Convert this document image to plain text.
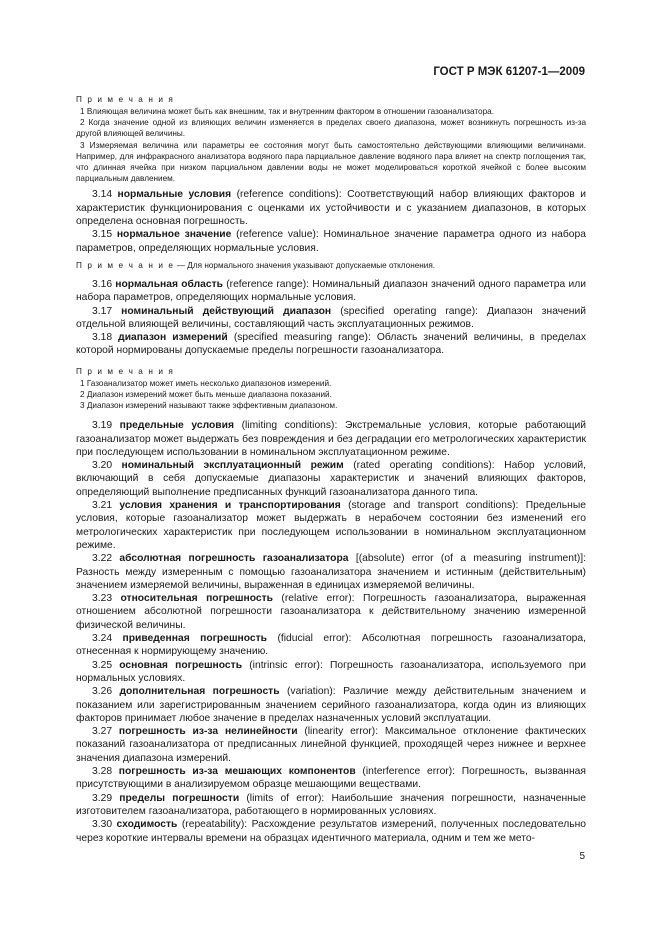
ГОСТ Р МЭК 61207-1—2009
П р и м е ч а н и я
1 Влияющая величина может быть как внешним, так и внутренним фактором в отношении газоанализатора.
2 Когда значение одной из влияющих величин изменяется в пределах своего диапазона, может возникнуть погрешность из-за другой влияющей величины.
3 Измеряемая величина или параметры ее состояния могут быть самостоятельно действующими влияющими величинами. Например, для инфракрасного анализатора водяного пара парциальное давление водяного пара влияет на спектр поглощения так, что длинная ячейка при низком парциальном давлении воды не может моделироваться короткой ячейкой с более высоким парциальным давлением.
3.14 нормальные условия (reference conditions): Соответствующий набор влияющих факторов и характеристик функционирования с оценками их устойчивости и с указанием диапазонов, в которых определена основная погрешность.
3.15 нормальное значение (reference value): Номинальное значение параметра одного из набора параметров, определяющих нормальные условия.
П р и м е ч а н и е — Для нормального значения указывают допускаемые отклонения.
3.16 нормальная область (reference range): Номинальный диапазон значений одного параметра или набора параметров, определяющих нормальные условия.
3.17 номинальный действующий диапазон (specified operating range): Диапазон значений отдельной влияющей величины, составляющий часть эксплуатационных режимов.
3.18 диапазон измерений (specified measuring range): Область значений величины, в пределах которой нормированы допускаемые пределы погрешности газоанализатора.
П р и м е ч а н и я
1 Газоанализатор может иметь несколько диапазонов измерений.
2 Диапазон измерений может быть меньше диапазона показаний.
3 Диапазон измерений называют также эффективным диапазоном.
3.19 предельные условия (limiting conditions): Экстремальные условия, которые работающий газоанализатор может выдержать без повреждения и без деградации его метрологических характеристик при последующем использовании в номинальном эксплуатационном режиме.
3.20 номинальный эксплуатационный режим (rated operating conditions): Набор условий, включающий в себя допускаемые диапазоны характеристик и значений влияющих факторов, определяющий выполнение предписанных функций газоанализатора данного типа.
3.21 условия хранения и транспортирования (storage and transport conditions): Предельные условия, которые газоанализатор может выдержать в нерабочем состоянии без изменений его метрологических характеристик при последующем использовании в номинальном эксплуатационном режиме.
3.22 абсолютная погрешность газоанализатора [(absolute) error (of a measuring instrument)]: Разность между измеренным с помощью газоанализатора значением и истинным (действительным) значением измеряемой величины, выраженная в единицах измеряемой величины.
3.23 относительная погрешность (relative error): Погрешность газоанализатора, выраженная отношением абсолютной погрешности газоанализатора к действительному значению измеренной физической величины.
3.24 приведенная погрешность (fiducial error): Абсолютная погрешность газоанализатора, отнесенная к нормирующему значению.
3.25 основная погрешность (intrinsic error): Погрешность газоанализатора, используемого при нормальных условиях.
3.26 дополнительная погрешность (variation): Различие между действительным значением и показанием или зарегистрированным значением серийного газоанализатора, когда один из влияющих факторов принимает любое значение в пределах назначенных условий эксплуатации.
3.27 погрешность из-за нелинейности (linearity error): Максимальное отклонение фактических показаний газоанализатора от предписанных линейной функцией, проходящей через нижнее и верхнее значения диапазона измерений.
3.28 погрешность из-за мешающих компонентов (interference error): Погрешность, вызванная присутствующими в анализируемом образце мешающими веществами.
3.29 пределы погрешности (limits of error): Наибольшие значения погрешности, назначенные изготовителем газоанализатора, работающего в нормированных условиях.
3.30 сходимость (repeatability): Расхождение результатов измерений, полученных последовательно через короткие интервалы времени на образцах идентичного материала, одним и тем же мето-
5
